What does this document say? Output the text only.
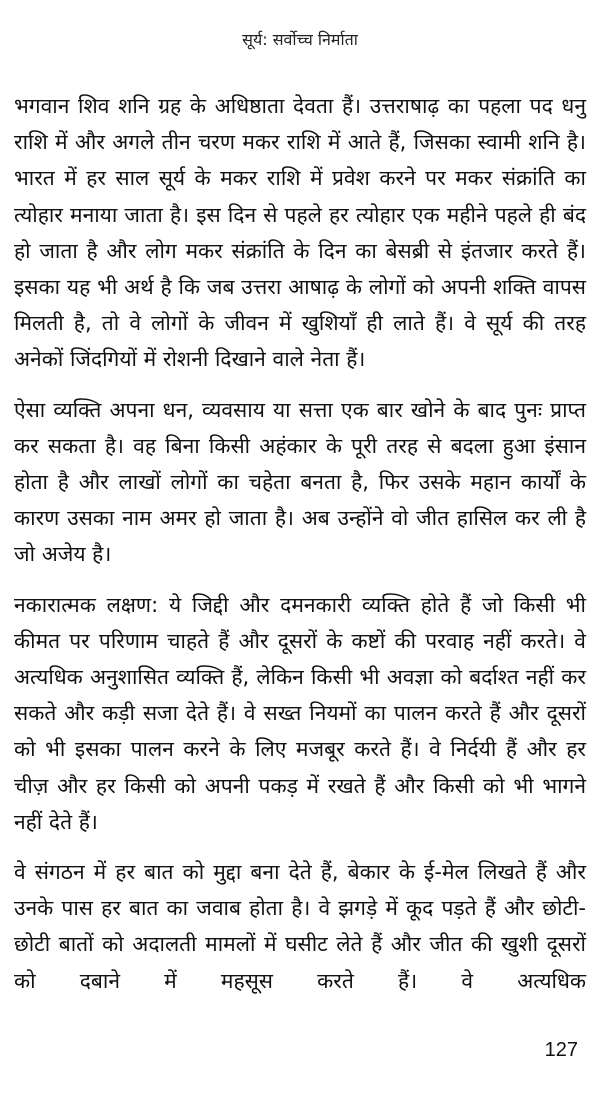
सूर्य: सर्वोच्च निर्माता

भगवान शिव शनि ग्रह के अधिष्ठाता देवता हैं। उत्तराषाढ़ का पहला पद धनु राशि में और अगले तीन चरण मकर राशि में आते हैं, जिसका स्वामी शनि है। भारत में हर साल सूर्य के मकर राशि में प्रवेश करने पर मकर संक्रांति का त्योहार मनाया जाता है। इस दिन से पहले हर त्योहार एक महीने पहले ही बंद हो जाता है और लोग मकर संक्रांति के दिन का बेसब्री से इंतजार करते हैं। इसका यह भी अर्थ है कि जब उत्तरा आषाढ़ के लोगों को अपनी शक्ति वापस मिलती है, तो वे लोगों के जीवन में खुशियाँ ही लाते हैं। वे सूर्य की तरह अनेकों जिंदगियों में रोशनी दिखाने वाले नेता हैं।

ऐसा व्यक्ति अपना धन, व्यवसाय या सत्ता एक बार खोने के बाद पुनः प्राप्त कर सकता है। वह बिना किसी अहंकार के पूरी तरह से बदला हुआ इंसान होता है और लाखों लोगों का चहेता बनता है, फिर उसके महान कार्यों के कारण उसका नाम अमर हो जाता है। अब उन्होंने वो जीत हासिल कर ली है जो अजेय है।

नकारात्मक लक्षण: ये जिद्दी और दमनकारी व्यक्ति होते हैं जो किसी भी कीमत पर परिणाम चाहते हैं और दूसरों के कष्टों की परवाह नहीं करते। वे अत्यधिक अनुशासित व्यक्ति हैं, लेकिन किसी भी अवज्ञा को बर्दाश्त नहीं कर सकते और कड़ी सजा देते हैं। वे सख्त नियमों का पालन करते हैं और दूसरों को भी इसका पालन करने के लिए मजबूर करते हैं। वे निर्दयी हैं और हर चीज़ और हर किसी को अपनी पकड़ में रखते हैं और किसी को भी भागने नहीं देते हैं।

वे संगठन में हर बात को मुद्दा बना देते हैं, बेकार के ई-मेल लिखते हैं और उनके पास हर बात का जवाब होता है। वे झगड़े में कूद पड़ते हैं और छोटी-छोटी बातों को अदालती मामलों में घसीट लेते हैं और जीत की खुशी दूसरों को दबाने में महसूस करते हैं। वे अत्यधिक

127
